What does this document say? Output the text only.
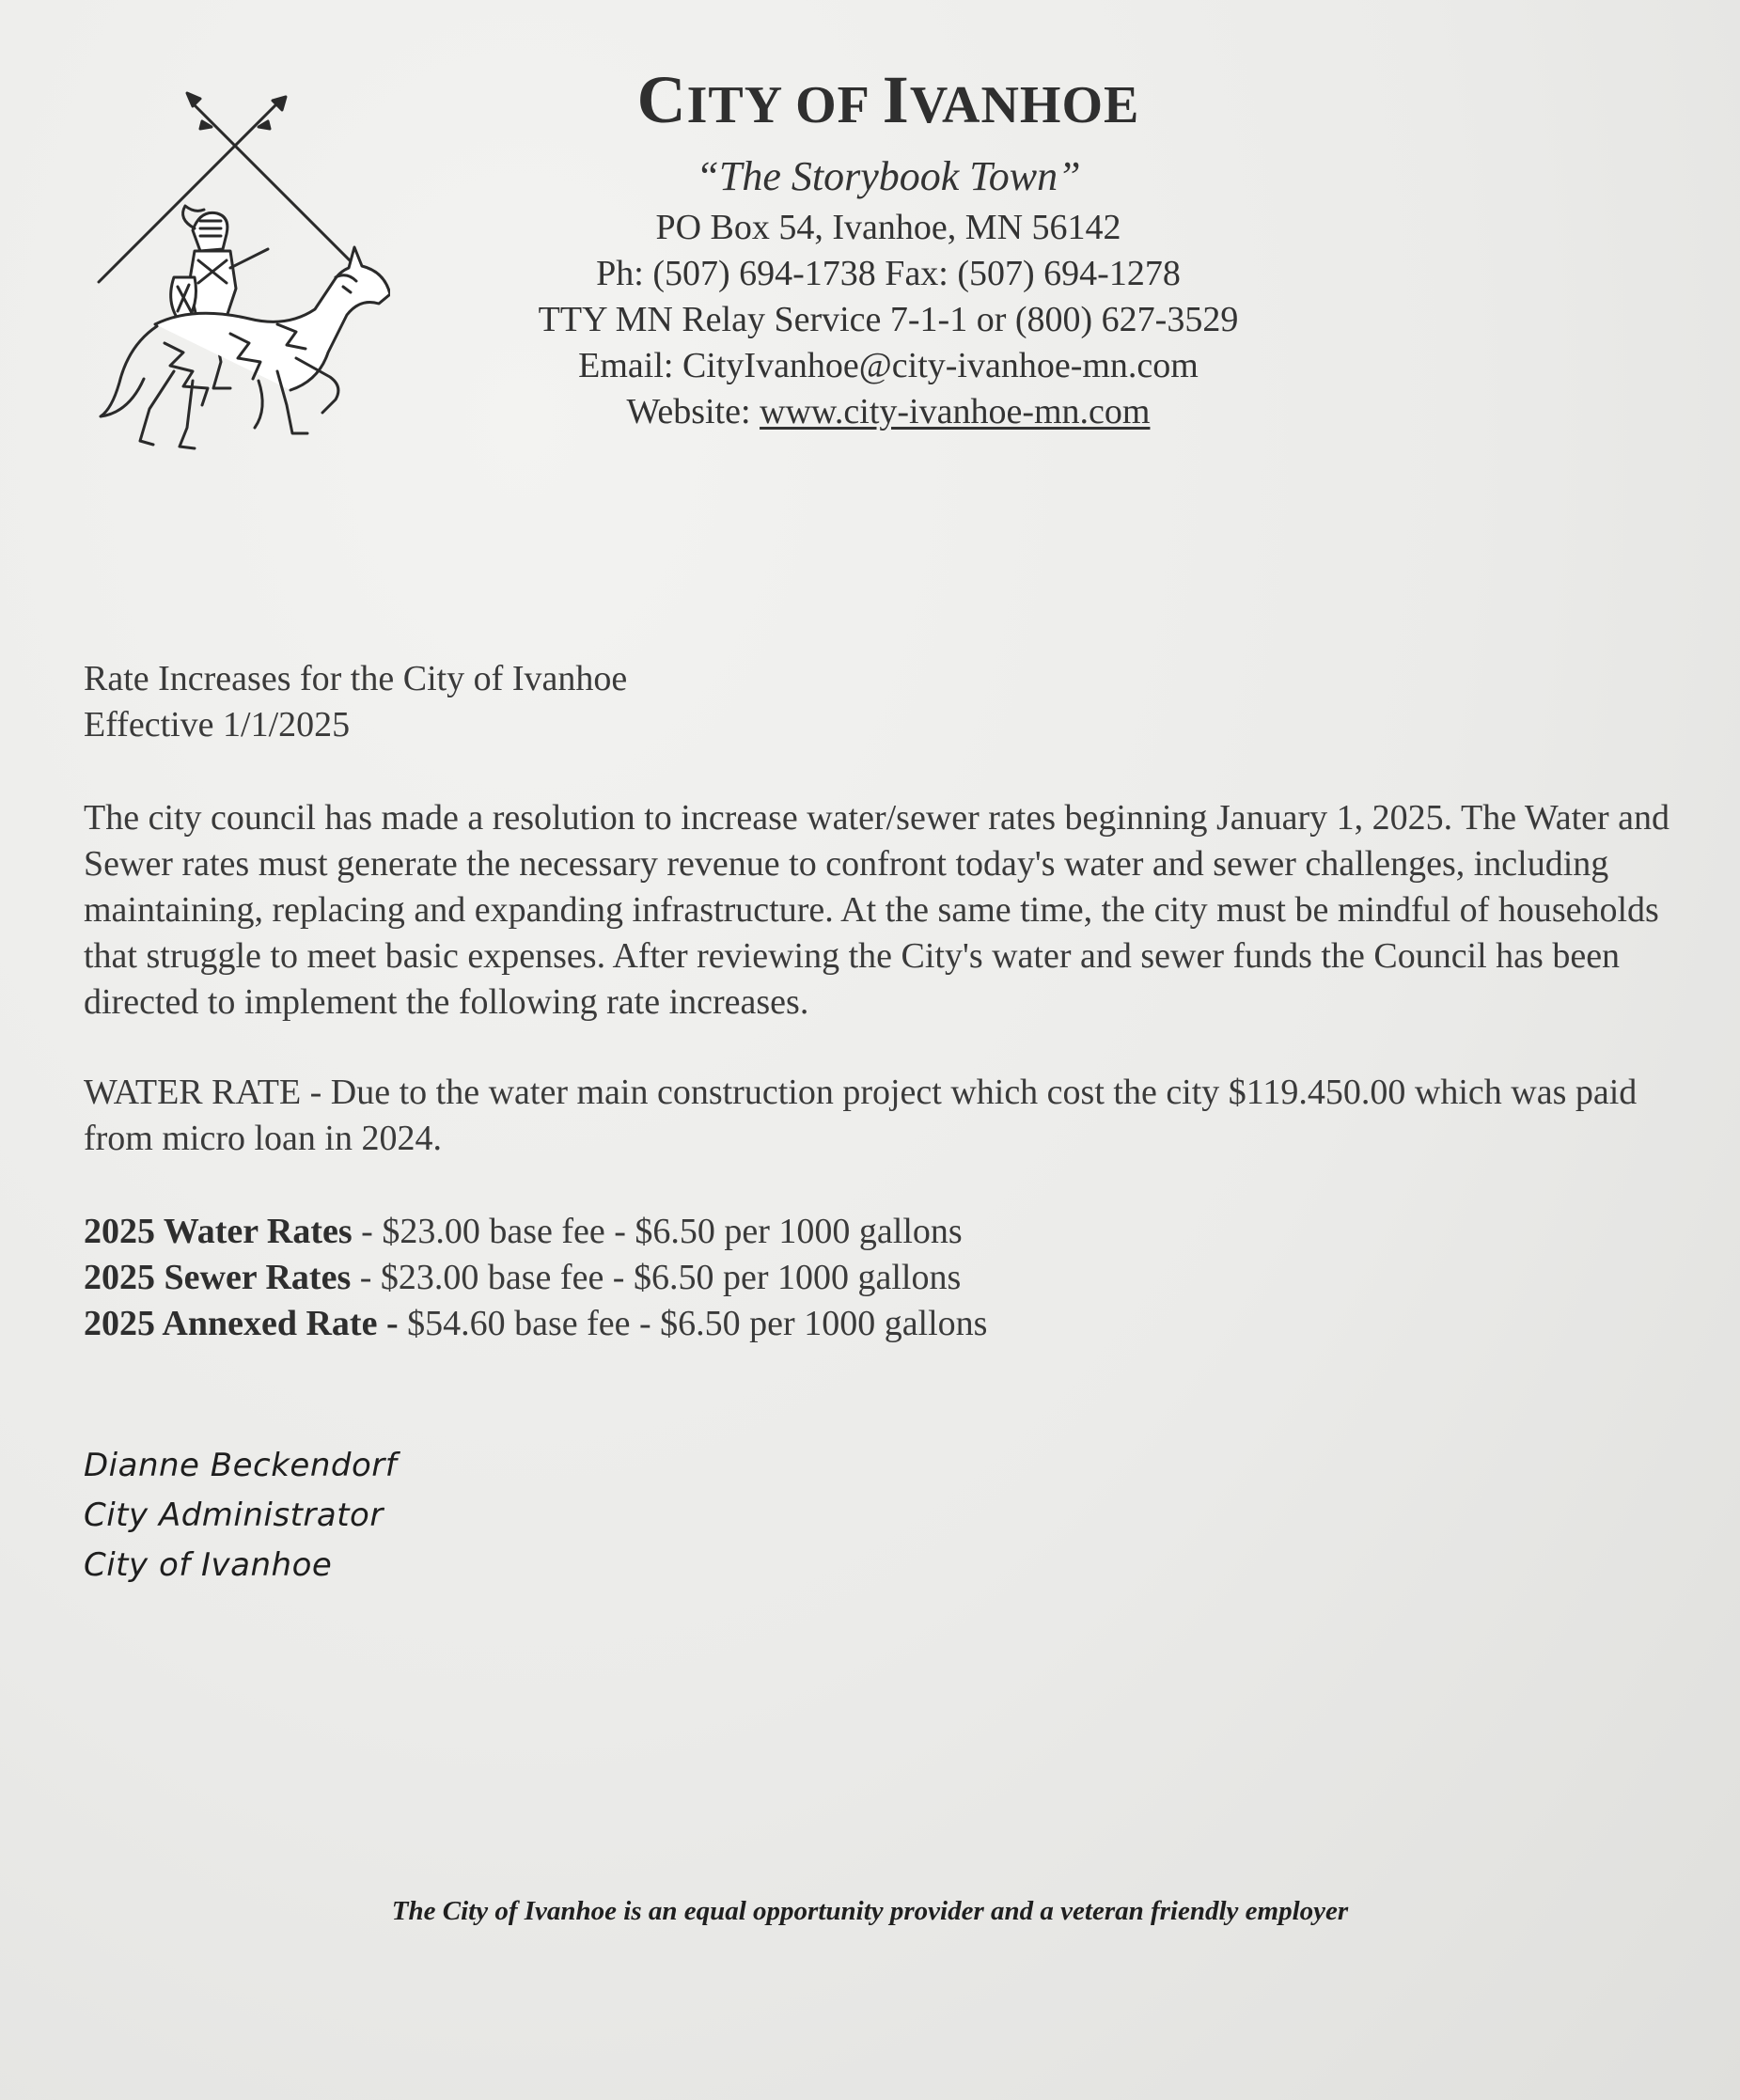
CITY OF IVANHOE

“The Storybook Town”

PO Box 54, Ivanhoe, MN 56142

Ph: (507) 694-1738 Fax: (507) 694-1278

TTY MN Relay Service 7-1-1 or (800) 627-3529

Email: CityIvanhoe@city-ivanhoe-mn.com

Website: www.city-ivanhoe-mn.com

Rate Increases for the City of Ivanhoe

Effective 1/1/2025

The city council has made a resolution to increase water/sewer rates beginning January 1, 2025. The Water and Sewer rates must generate the necessary revenue to confront today's water and sewer challenges, including maintaining, replacing and expanding infrastructure. At the same time, the city must be mindful of households that struggle to meet basic expenses. After reviewing the City's water and sewer funds the Council has been directed to implement the following rate increases.

WATER RATE - Due to the water main construction project which cost the city $119.450.00 which was paid from micro loan in 2024.

2025 Water Rates - $23.00 base fee - $6.50 per 1000 gallons

2025 Sewer Rates - $23.00 base fee - $6.50 per 1000 gallons

2025 Annexed Rate - $54.60 base fee - $6.50 per 1000 gallons

Dianne Beckendorf

City Administrator

City of Ivanhoe

The City of Ivanhoe is an equal opportunity provider and a veteran friendly employer
